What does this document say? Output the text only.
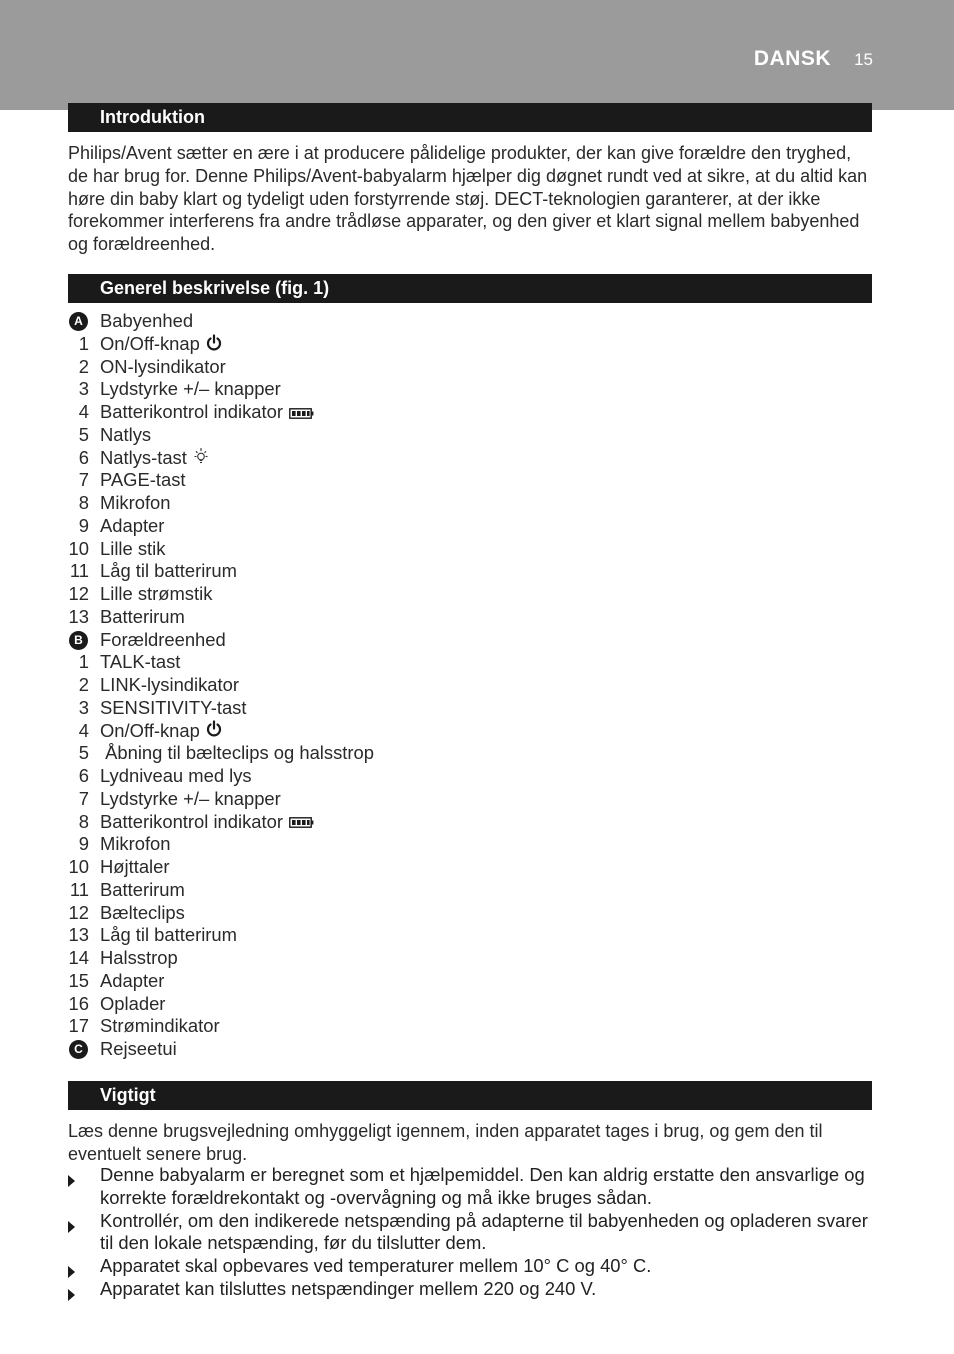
DANSK 15
Introduktion
Philips/Avent sætter en ære i at producere pålidelige produkter, der kan give forældre den tryghed, de har brug for. Denne Philips/Avent-babyalarm hjælper dig døgnet rundt ved at sikre, at du altid kan høre din baby klart og tydeligt uden forstyrrende støj. DECT-teknologien garanterer, at der ikke forekommer interferens fra andre trådløse apparater, og den giver et klart signal mellem babyenhed og forældreenhed.
Generel beskrivelse (fig. 1)
A Babyenhed
1 On/Off-knap
2 ON-lysindikator
3 Lydstyrke +/– knapper
4 Batterikontrol indikator
5 Natlys
6 Natlys-tast
7 PAGE-tast
8 Mikrofon
9 Adapter
10 Lille stik
11 Låg til batterirum
12 Lille strømstik
13 Batterirum
B Forældreenhed
1 TALK-tast
2 LINK-lysindikator
3 SENSITIVITY-tast
4 On/Off-knap
5 Åbning til bælteclips og halsstrop
6 Lydniveau med lys
7 Lydstyrke +/– knapper
8 Batterikontrol indikator
9 Mikrofon
10 Højttaler
11 Batterirum
12 Bælteclips
13 Låg til batterirum
14 Halsstrop
15 Adapter
16 Oplader
17 Strømindikator
C Rejseetui
Vigtigt
Læs denne brugsvejledning omhyggeligt igennem, inden apparatet tages i brug, og gem den til eventuelt senere brug.
Denne babyalarm er beregnet som et hjælpemiddel. Den kan aldrig erstatte den ansvarlige og korrekte forældrekontakt og -overvågning og må ikke bruges sådan.
Kontrollér, om den indikerede netspænding på adapterne til babyenheden og opladeren svarer til den lokale netspænding, før du tilslutter dem.
Apparatet skal opbevares ved temperaturer mellem 10° C og 40° C.
Apparatet kan tilsluttes netspændinger mellem 220 og 240 V.
